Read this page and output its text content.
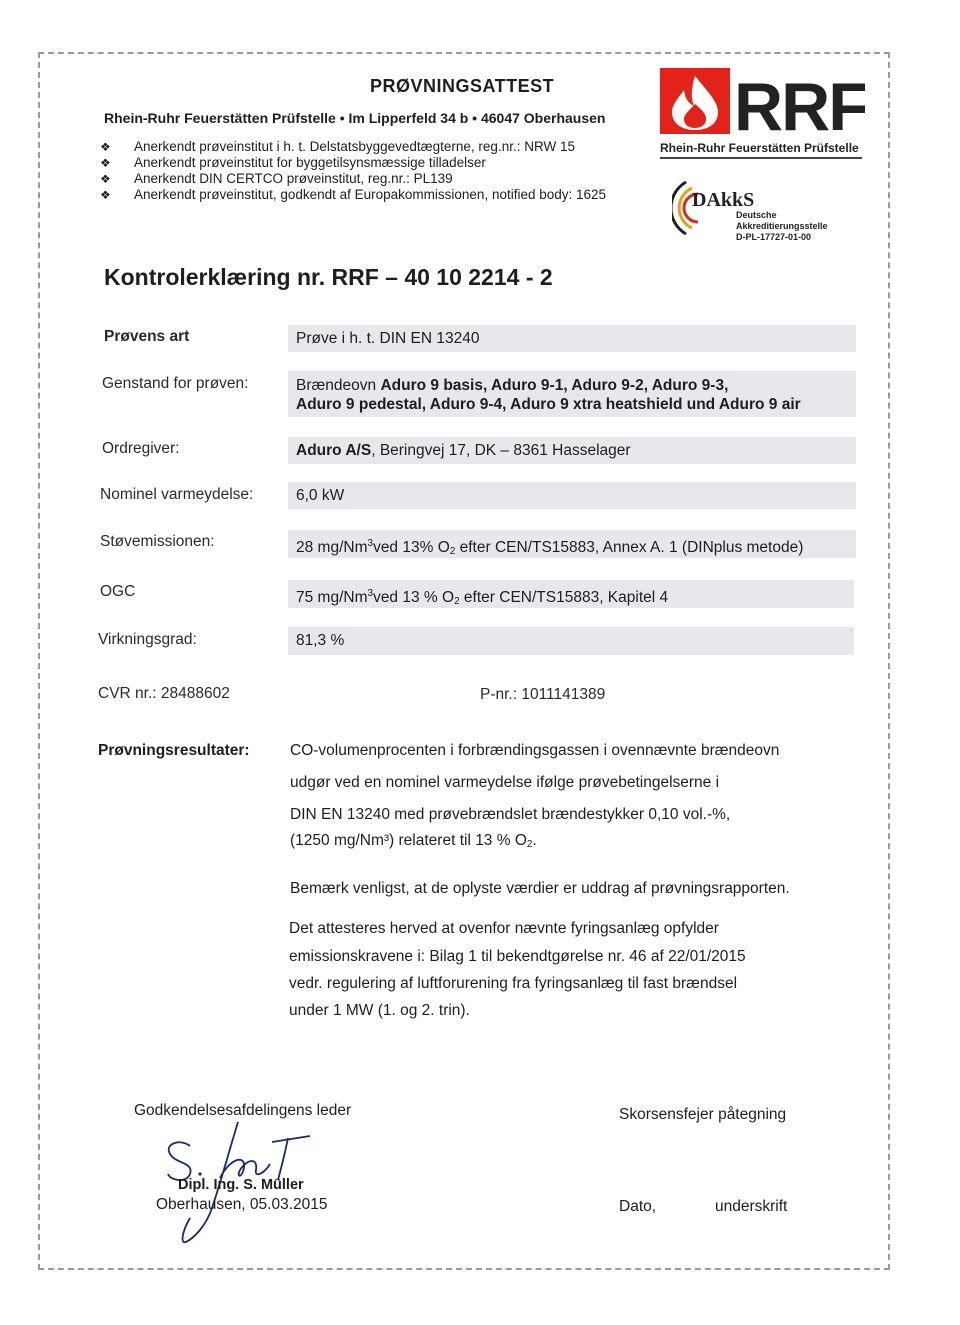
PRØVNINGSATTEST
Rhein-Ruhr Feuerstätten Prüfstelle • Im Lipperfeld 34 b • 46047 Oberhausen
❖ Anerkendt prøveinstitut i h. t. Delstatsbyggevedtægterne, reg.nr.: NRW 15
❖ Anerkendt prøveinstitut for byggetilsynsmæssige tilladelser
❖ Anerkendt DIN CERTCO prøveinstitut, reg.nr.: PL139
❖ Anerkendt prøveinstitut, godkendt af Europakommissionen, notified body: 1625
RRF
Rhein-Ruhr Feuerstätten Prüfstelle
DAkkS
Deutsche
Akkreditierungsstelle
D-PL-17727-01-00
Kontrolerklæring nr. RRF – 40 10 2214 - 2
Prøvens art	Prøve i h. t. DIN EN 13240
Genstand for prøven:	Brændeovn Aduro 9 basis, Aduro 9-1, Aduro 9-2, Aduro 9-3,
Aduro 9 pedestal, Aduro 9-4, Aduro 9 xtra heatshield und Aduro 9 air
Ordregiver:	Aduro A/S, Beringvej 17, DK – 8361 Hasselager
Nominel varmeydelse:	6,0 kW
Støvemissionen:	28 mg/Nm$^3$ved 13% $O_2$ efter CEN/TS15883, Annex A. 1 (DINplus metode)
OGC	75 mg/Nm$^3$ved 13 % $O_2$ efter CEN/TS15883, Kapitel 4
Virkningsgrad:	81,3 %
CVR nr.: 28488602	P-nr.: 1011141389
Prøvningsresultater:	CO-volumenprocenten i forbrændingsgassen i ovennævnte brændeovn
udgør ved en nominel varmeydelse ifølge prøvebetingelserne i
DIN EN 13240 med prøvebrændslet brændestykker 0,10 vol.-%,
(1250 mg/Nm³) relateret til 13 % $O_2$.
Bemærk venligst, at de oplyste værdier er uddrag af prøvningsrapporten.
Det attesteres herved at ovenfor nævnte fyringsanlæg opfylder
emissionskravene i: Bilag 1 til bekendtgørelse nr. 46 af 22/01/2015
vedr. regulering af luftforurening fra fyringsanlæg til fast brændsel
under 1 MW (1. og 2. trin).
Godkendelsesafdelingens leder
Dipl. Ing. S. Müller
Oberhausen, 05.03.2015
Skorsensfejer påtegning
Dato,	underskrift
